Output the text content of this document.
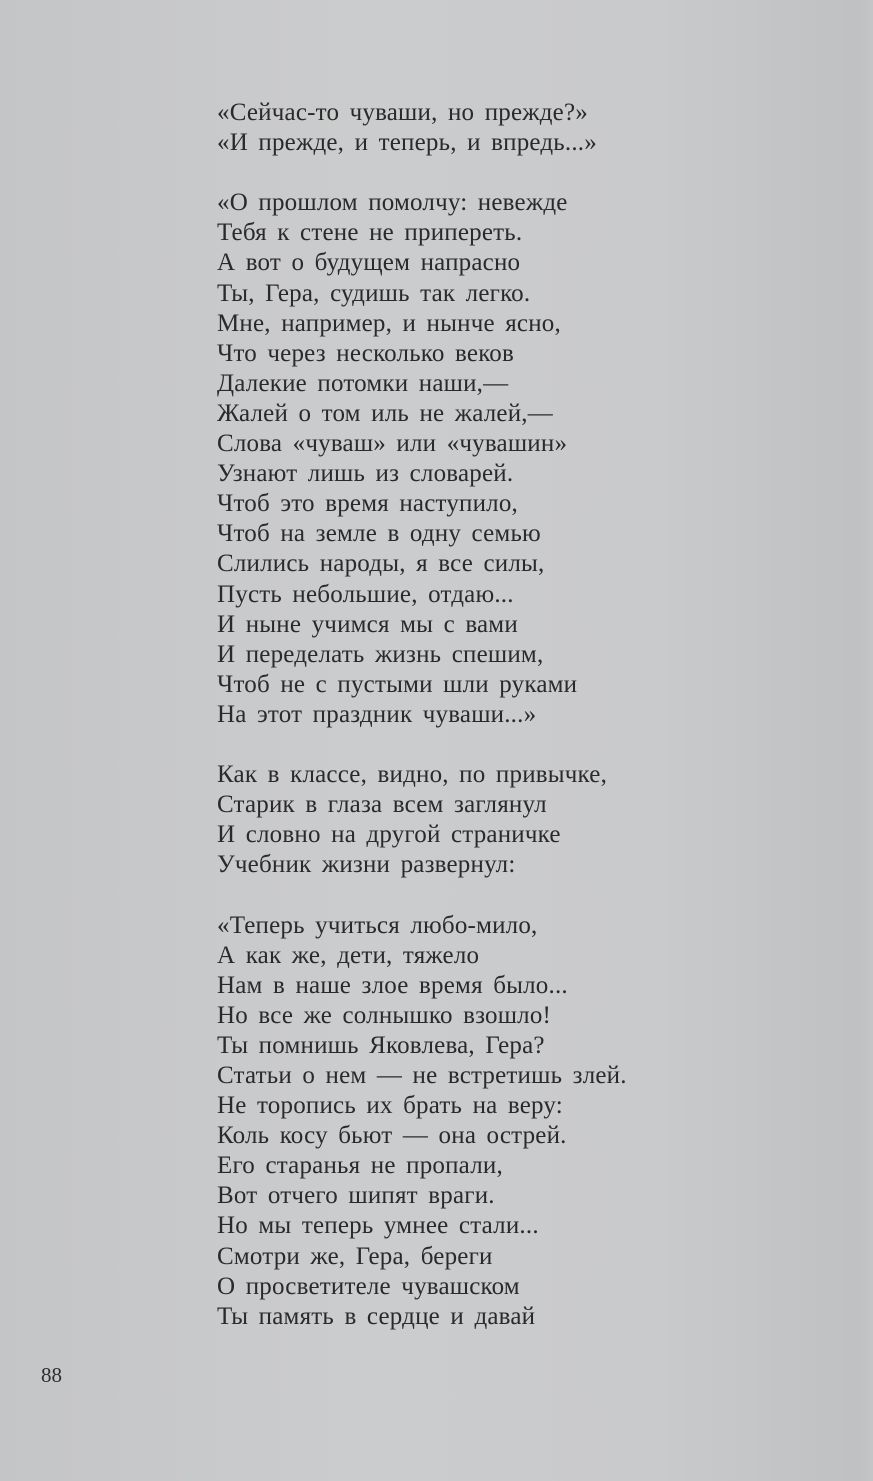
«Сейчас-то чуваши, но прежде?»
«И прежде, и теперь, и впредь...»
«О прошлом помолчу: невежде
Тебя к стене не припереть.
А вот о будущем напрасно
Ты, Гера, судишь так легко.
Мне, например, и нынче ясно,
Что через несколько веков
Далекие потомки наши,—
Жалей о том иль не жалей,—
Слова «чуваш» или «чувашин»
Узнают лишь из словарей.
Чтоб это время наступило,
Чтоб на земле в одну семью
Слились народы, я все силы,
Пусть небольшие, отдаю...
И ныне учимся мы с вами
И переделать жизнь спешим,
Чтоб не с пустыми шли руками
На этот праздник чуваши...»
Как в классе, видно, по привычке,
Старик в глаза всем заглянул
И словно на другой страничке
Учебник жизни развернул:
«Теперь учиться любо-мило,
А как же, дети, тяжело
Нам в наше злое время было...
Но все же солнышко взошло!
Ты помнишь Яковлева, Гера?
Статьи о нем — не встретишь злей.
Не торопись их брать на веру:
Коль косу бьют — она острей.
Его старанья не пропали,
Вот отчего шипят враги.
Но мы теперь умнее стали...
Смотри же, Гера, береги
О просветителе чувашском
Ты память в сердце и давай
88
